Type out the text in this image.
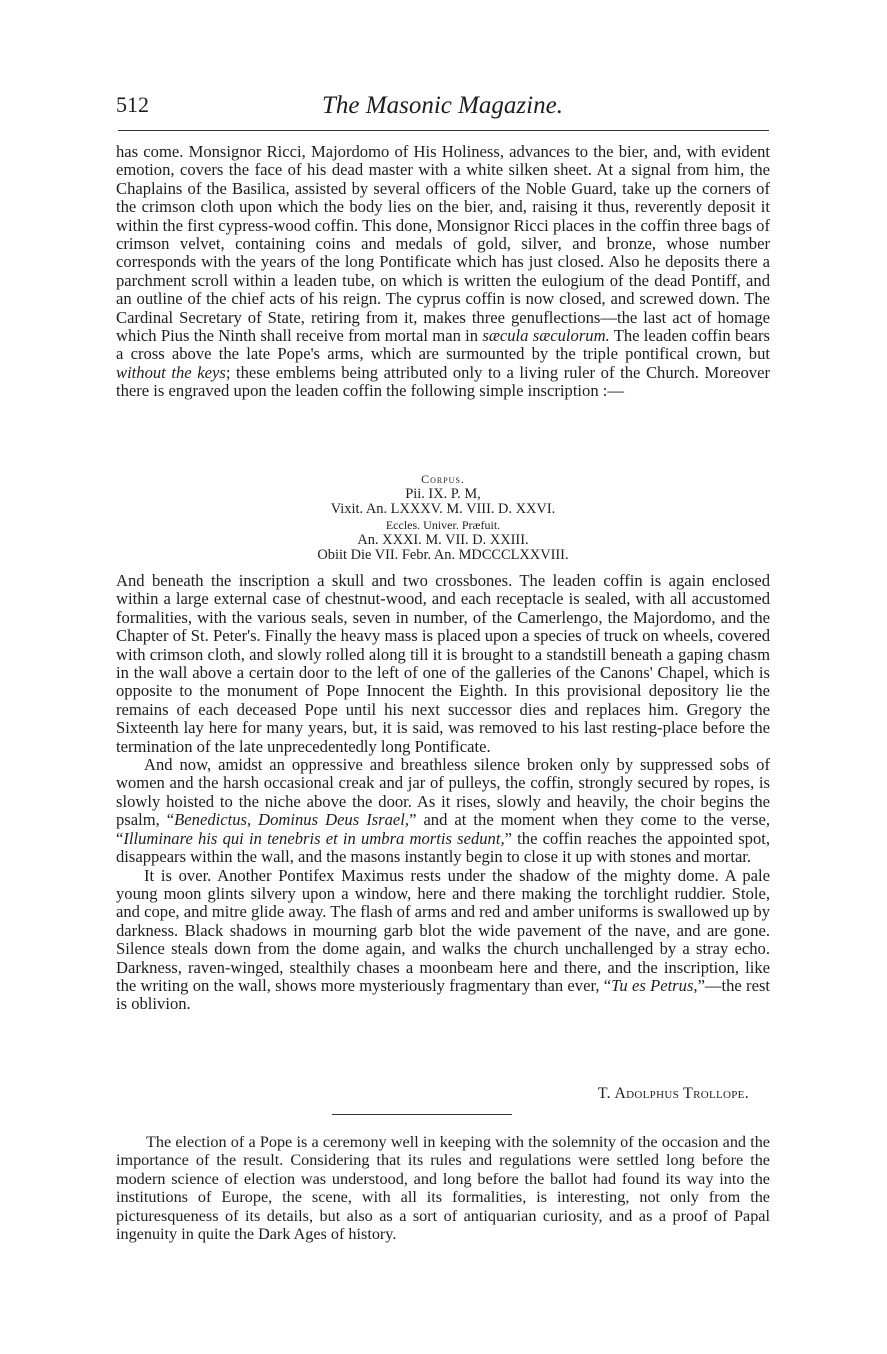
512	The Masonic Magazine.

has come. Monsignor Ricci, Majordomo of His Holiness, advances to the bier, and, with evident emotion, covers the face of his dead master with a white silken sheet. At a signal from him, the Chaplains of the Basilica, assisted by several officers of the Noble Guard, take up the corners of the crimson cloth upon which the body lies on the bier, and, raising it thus, reverently deposit it within the first cypress-wood coffin. This done, Monsignor Ricci places in the coffin three bags of crimson velvet, containing coins and medals of gold, silver, and bronze, whose number corresponds with the years of the long Pontificate which has just closed. Also he deposits there a parchment scroll within a leaden tube, on which is written the eulogium of the dead Pontiff, and an outline of the chief acts of his reign. The cyprus coffin is now closed, and screwed down. The Cardinal Secretary of State, retiring from it, makes three genuflections—the last act of homage which Pius the Ninth shall receive from mortal man in sæcula sæculorum. The leaden coffin bears a cross above the late Pope's arms, which are surmounted by the triple pontifical crown, but without the keys; these emblems being attributed only to a living ruler of the Church. Moreover there is engraved upon the leaden coffin the following simple inscription :—

Corpus.
Pii. IX. P. M,
Vixit. An. LXXXV. M. VIII. D. XXVI.
Eccles. Univer. Præfuit.
An. XXXI. M. VII. D. XXIII.
Obiit Die VII. Febr. An. MDCCCLXXVIII.

And beneath the inscription a skull and two crossbones. The leaden coffin is again enclosed within a large external case of chestnut-wood, and each receptacle is sealed, with all accustomed formalities, with the various seals, seven in number, of the Camerlengo, the Majordomo, and the Chapter of St. Peter's. Finally the heavy mass is placed upon a species of truck on wheels, covered with crimson cloth, and slowly rolled along till it is brought to a standstill beneath a gaping chasm in the wall above a certain door to the left of one of the galleries of the Canons' Chapel, which is opposite to the monument of Pope Innocent the Eighth. In this provisional depository lie the remains of each deceased Pope until his next successor dies and replaces him. Gregory the Sixteenth lay here for many years, but, it is said, was removed to his last resting-place before the termination of the late unprecedentedly long Pontificate.

And now, amidst an oppressive and breathless silence broken only by suppressed sobs of women and the harsh occasional creak and jar of pulleys, the coffin, strongly secured by ropes, is slowly hoisted to the niche above the door. As it rises, slowly and heavily, the choir begins the psalm, “Benedictus, Dominus Deus Israel,” and at the moment when they come to the verse, “Illuminare his qui in tenebris et in umbra mortis sedunt,” the coffin reaches the appointed spot, disappears within the wall, and the masons instantly begin to close it up with stones and mortar.

It is over. Another Pontifex Maximus rests under the shadow of the mighty dome. A pale young moon glints silvery upon a window, here and there making the torchlight ruddier. Stole, and cope, and mitre glide away. The flash of arms and red and amber uniforms is swallowed up by darkness. Black shadows in mourning garb blot the wide pavement of the nave, and are gone. Silence steals down from the dome again, and walks the church unchallenged by a stray echo. Darkness, raven-winged, stealthily chases a moonbeam here and there, and the inscription, like the writing on the wall, shows more mysteriously fragmentary than ever, “Tu es Petrus,”—the rest is oblivion.

T. Adolphus Trollope.

The election of a Pope is a ceremony well in keeping with the solemnity of the occasion and the importance of the result. Considering that its rules and regulations were settled long before the modern science of election was understood, and long before the ballot had found its way into the institutions of Europe, the scene, with all its formalities, is interesting, not only from the picturesqueness of its details, but also as a sort of antiquarian curiosity, and as a proof of Papal ingenuity in quite the Dark Ages of history.
